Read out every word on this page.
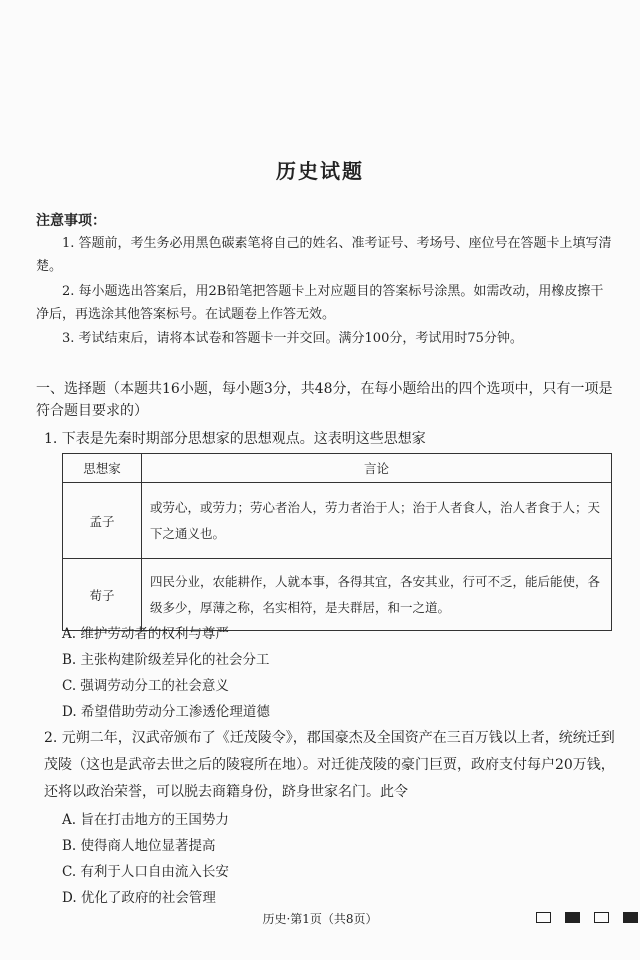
历史试题
注意事项：
1. 答题前，考生务必用黑色碳素笔将自己的姓名、准考证号、考场号、座位号在答题卡上填写清楚。
2. 每小题选出答案后，用2B铅笔把答题卡上对应题目的答案标号涂黑。如需改动，用橡皮擦干净后，再选涂其他答案标号。在试题卷上作答无效。
3. 考试结束后，请将本试卷和答题卡一并交回。满分100分，考试用时75分钟。
一、选择题（本题共16小题，每小题3分，共48分，在每小题给出的四个选项中，只有一项是符合题目要求的）
1. 下表是先秦时期部分思想家的思想观点。这表明这些思想家
思想家	言论
孟子	或劳心，或劳力；劳心者治人，劳力者治于人；治于人者食人，治人者食于人；天下之通义也。
荀子	四民分业，农能耕作，人就本事，各得其宜，各安其业，行可不乏，能后能使，各级多少，厚薄之称，名实相符，是夫群居，和一之道。
A. 维护劳动者的权利与尊严
B. 主张构建阶级差异化的社会分工
C. 强调劳动分工的社会意义
D. 希望借助劳动分工渗透伦理道德
2. 元朔二年，汉武帝颁布了《迁茂陵令》，郡国豪杰及全国资产在三百万钱以上者，统统迁到茂陵（这也是武帝去世之后的陵寝所在地）。对迁徙茂陵的豪门巨贾，政府支付每户20万钱，还将以政治荣誉，可以脱去商籍身份，跻身世家名门。此令
A. 旨在打击地方的王国势力
B. 使得商人地位显著提高
C. 有利于人口自由流入长安
D. 优化了政府的社会管理
历史·第1页（共8页）
